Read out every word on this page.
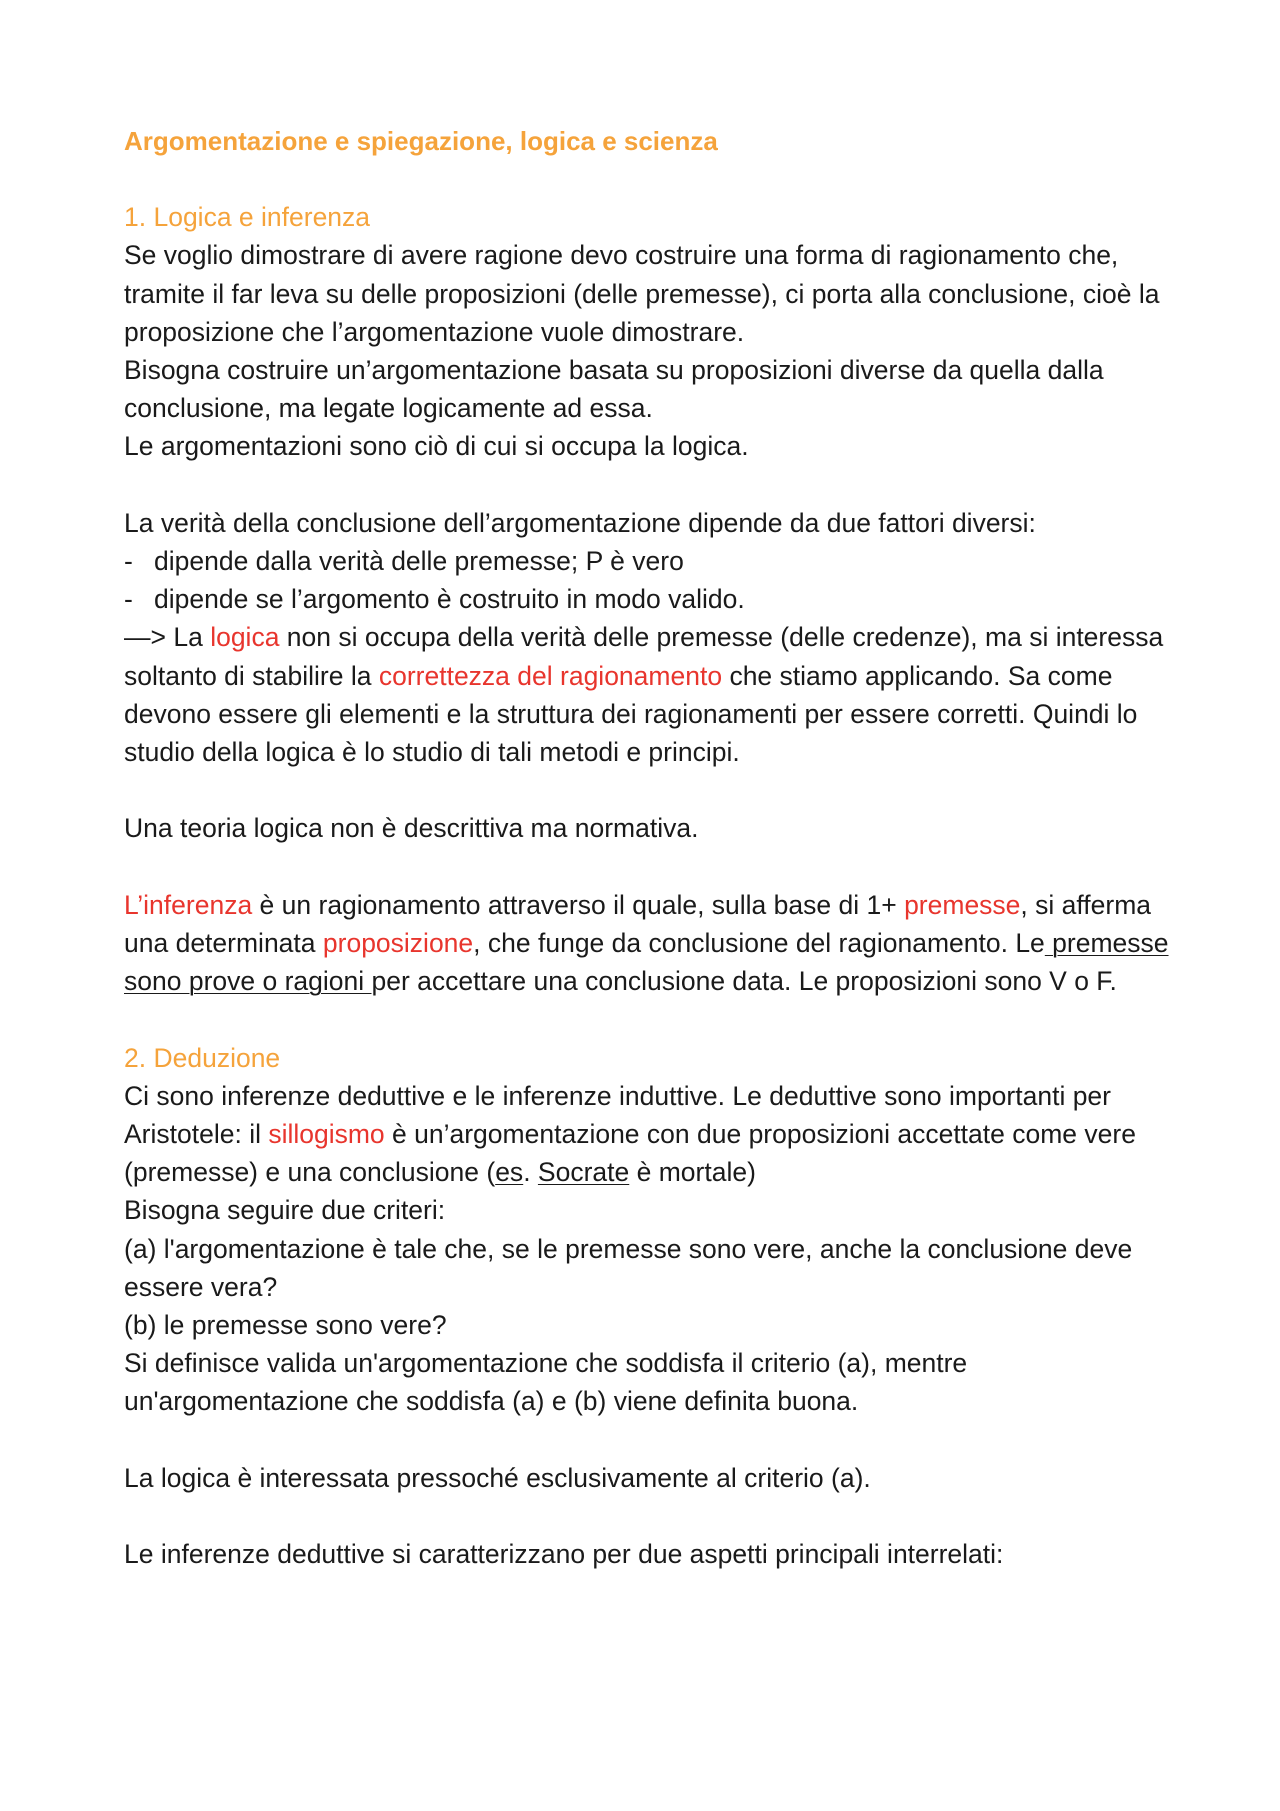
Argomentazione e spiegazione, logica e scienza

1. Logica e inferenza

Se voglio dimostrare di avere ragione devo costruire una forma di ragionamento che, tramite il far leva su delle proposizioni (delle premesse), ci porta alla conclusione, cioè la proposizione che l’argomentazione vuole dimostrare.

Bisogna costruire un’argomentazione basata su proposizioni diverse da quella dalla conclusione, ma legate logicamente ad essa.

Le argomentazioni sono ciò di cui si occupa la logica.

La verità della conclusione dell’argomentazione dipende da due fattori diversi:

- dipende dalla verità delle premesse; P è vero
- dipende se l’argomento è costruito in modo valido.

—> La logica non si occupa della verità delle premesse (delle credenze), ma si interessa soltanto di stabilire la correttezza del ragionamento che stiamo applicando. Sa come devono essere gli elementi e la struttura dei ragionamenti per essere corretti. Quindi lo studio della logica è lo studio di tali metodi e principi.

Una teoria logica non è descrittiva ma normativa.

L’inferenza è un ragionamento attraverso il quale, sulla base di 1+ premesse, si afferma una determinata proposizione, che funge da conclusione del ragionamento. Le premesse sono prove o ragioni per accettare una conclusione data. Le proposizioni sono V o F.

2. Deduzione

Ci sono inferenze deduttive e le inferenze induttive. Le deduttive sono importanti per Aristotele: il sillogismo è un’argomentazione con due proposizioni accettate come vere (premesse) e una conclusione (es. Socrate è mortale)

Bisogna seguire due criteri:

(a) l'argomentazione è tale che, se le premesse sono vere, anche la conclusione deve essere vera?

(b) le premesse sono vere?

Si definisce valida un'argomentazione che soddisfa il criterio (a), mentre un'argomentazione che soddisfa (a) e (b) viene definita buona.

La logica è interessata pressoché esclusivamente al criterio (a).

Le inferenze deduttive si caratterizzano per due aspetti principali interrelati:
